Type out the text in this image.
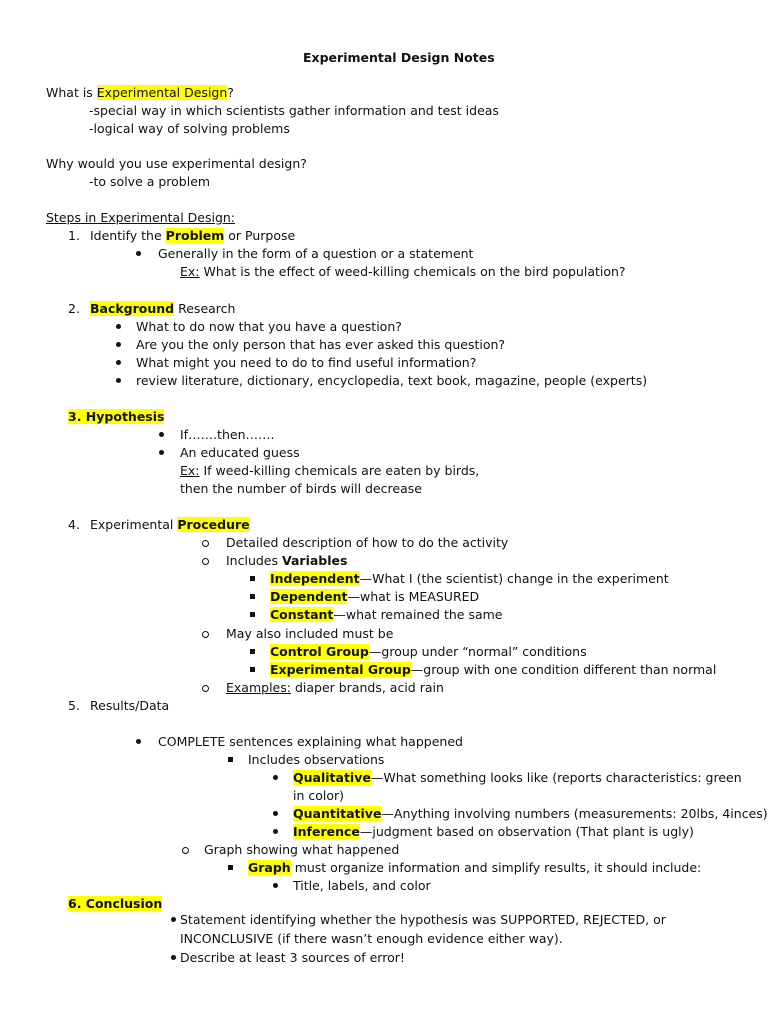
Experimental Design Notes
What is Experimental Design?
-special way in which scientists gather information and test ideas
-logical way of solving problems
Why would you use experimental design?
-to solve a problem
Steps in Experimental Design:
1. Identify the Problem or Purpose
Generally in the form of a question or a statement
Ex: What is the effect of weed-killing chemicals on the bird population?
2. Background Research
What to do now that you have a question?
Are you the only person that has ever asked this question?
What might you need to do to find useful information?
review literature, dictionary, encyclopedia, text book, magazine, people (experts)
3. Hypothesis
If…….then…….
An educated guess
Ex: If weed-killing chemicals are eaten by birds,
then the number of birds will decrease
4. Experimental Procedure
Detailed description of how to do the activity
Includes Variables
Independent—What I (the scientist) change in the experiment
Dependent—what is MEASURED
Constant—what remained the same
May also included must be
Control Group—group under “normal” conditions
Experimental Group—group with one condition different than normal
Examples: diaper brands, acid rain
5. Results/Data
COMPLETE sentences explaining what happened
Includes observations
Qualitative—What something looks like (reports characteristics: green
in color)
Quantitative—Anything involving numbers (measurements: 20lbs, 4inces)
Inference—judgment based on observation (That plant is ugly)
Graph showing what happened
Graph must organize information and simplify results, it should include:
Title, labels, and color
6. Conclusion
Statement identifying whether the hypothesis was SUPPORTED, REJECTED, or
INCONCLUSIVE (if there wasn’t enough evidence either way).
Describe at least 3 sources of error!
